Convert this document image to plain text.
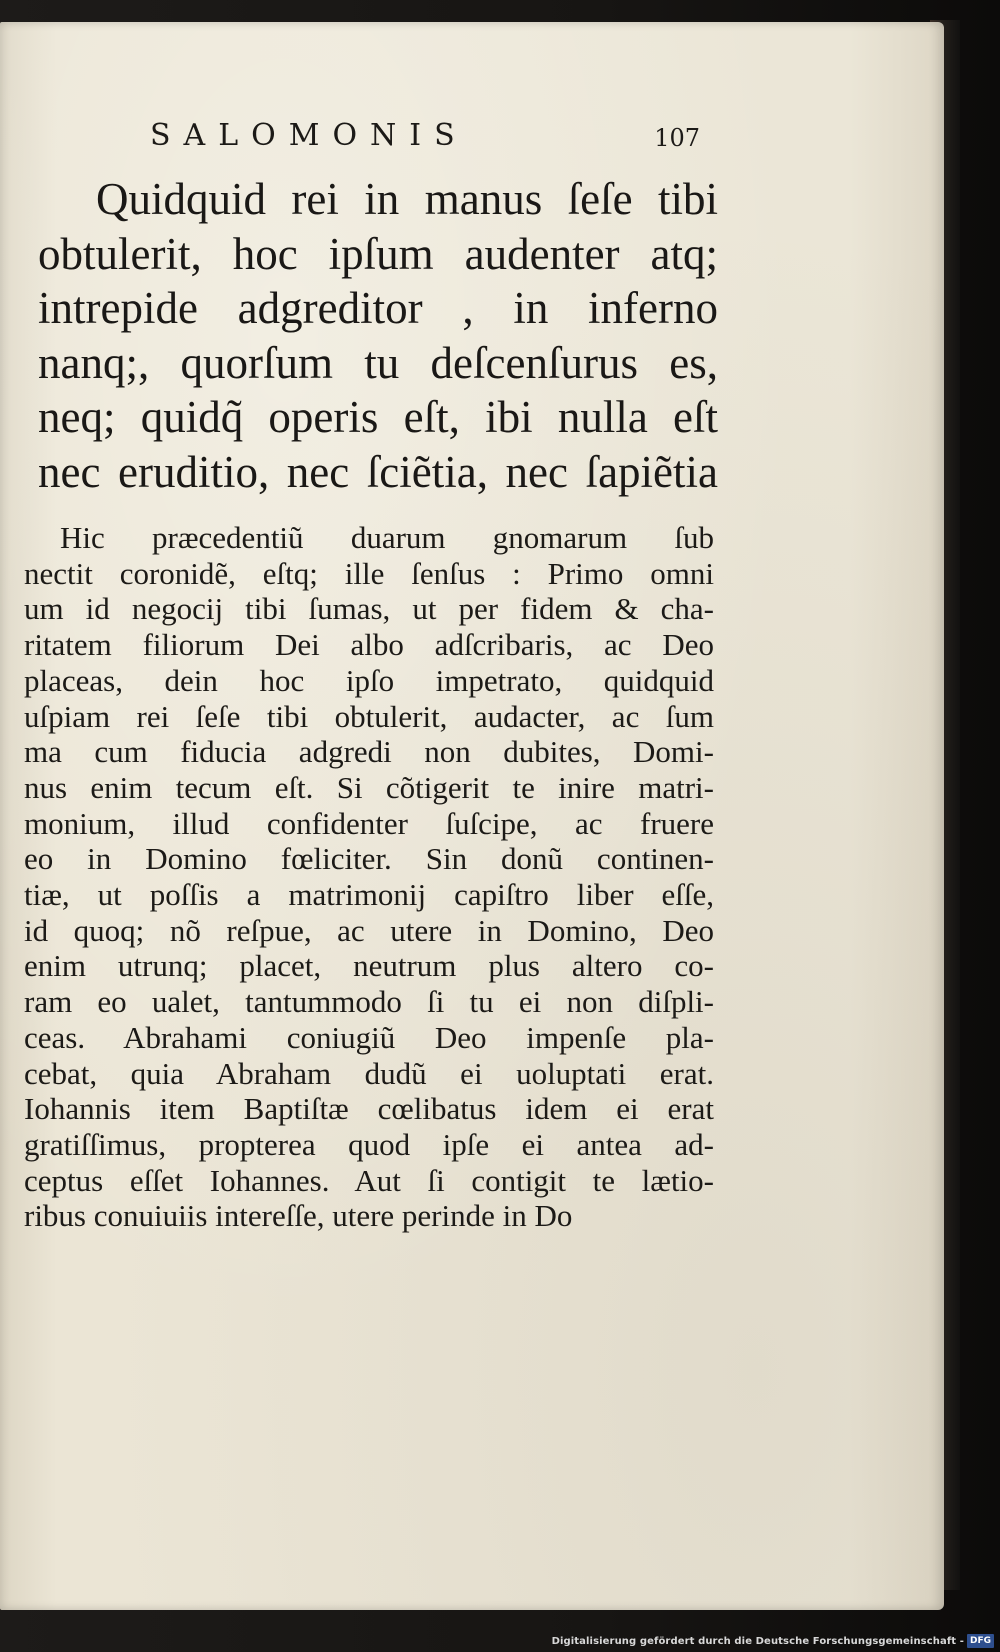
SALOMONIS	107
Quidquid rei in manus ſeſe tibi
obtulerit, hoc ipſum audenter atq;
intrepide adgreditor , in inferno
nanq;, quorſum tu deſcenſurus es,
neq; quidq̃ operis eſt, ibi nulla eſt
nec eruditio, nec ſciẽtia, nec ſapiẽtia
Hic præcedentiũ duarum gnomarum ſub
nectit coronidẽ, eſtq; ille ſenſus : Primo omni
um id negocij tibi ſumas, ut per fidem & cha-
ritatem filiorum Dei albo adſcribaris, ac Deo
placeas, dein hoc ipſo impetrato, quidquid
uſpiam rei ſeſe tibi obtulerit, audacter, ac ſum
ma cum fiducia adgredi non dubites, Domi-
nus enim tecum eſt. Si cõtigerit te inire matri-
monium, illud confidenter ſuſcipe, ac fruere
eo in Domino fœliciter. Sin donũ continen-
tiæ, ut poſſis a matrimonij capiſtro liber eſſe,
id quoq; nõ reſpue, ac utere in Domino, Deo
enim utrunq; placet, neutrum plus altero co-
ram eo ualet, tantummodo ſi tu ei non diſpli-
ceas. Abrahami coniugiũ Deo impenſe pla-
cebat, quia Abraham dudũ ei uoluptati erat.
Iohannis item Baptiſtæ cœlibatus idem ei erat
gratiſſimus, propterea quod ipſe ei antea ad-
ceptus eſſet Iohannes. Aut ſi contigit te lætio-
ribus conuiuiis intereſſe, utere perinde in Do
Digitalisierung gefördert durch die Deutsche Forschungsgemeinschaft - DFG
